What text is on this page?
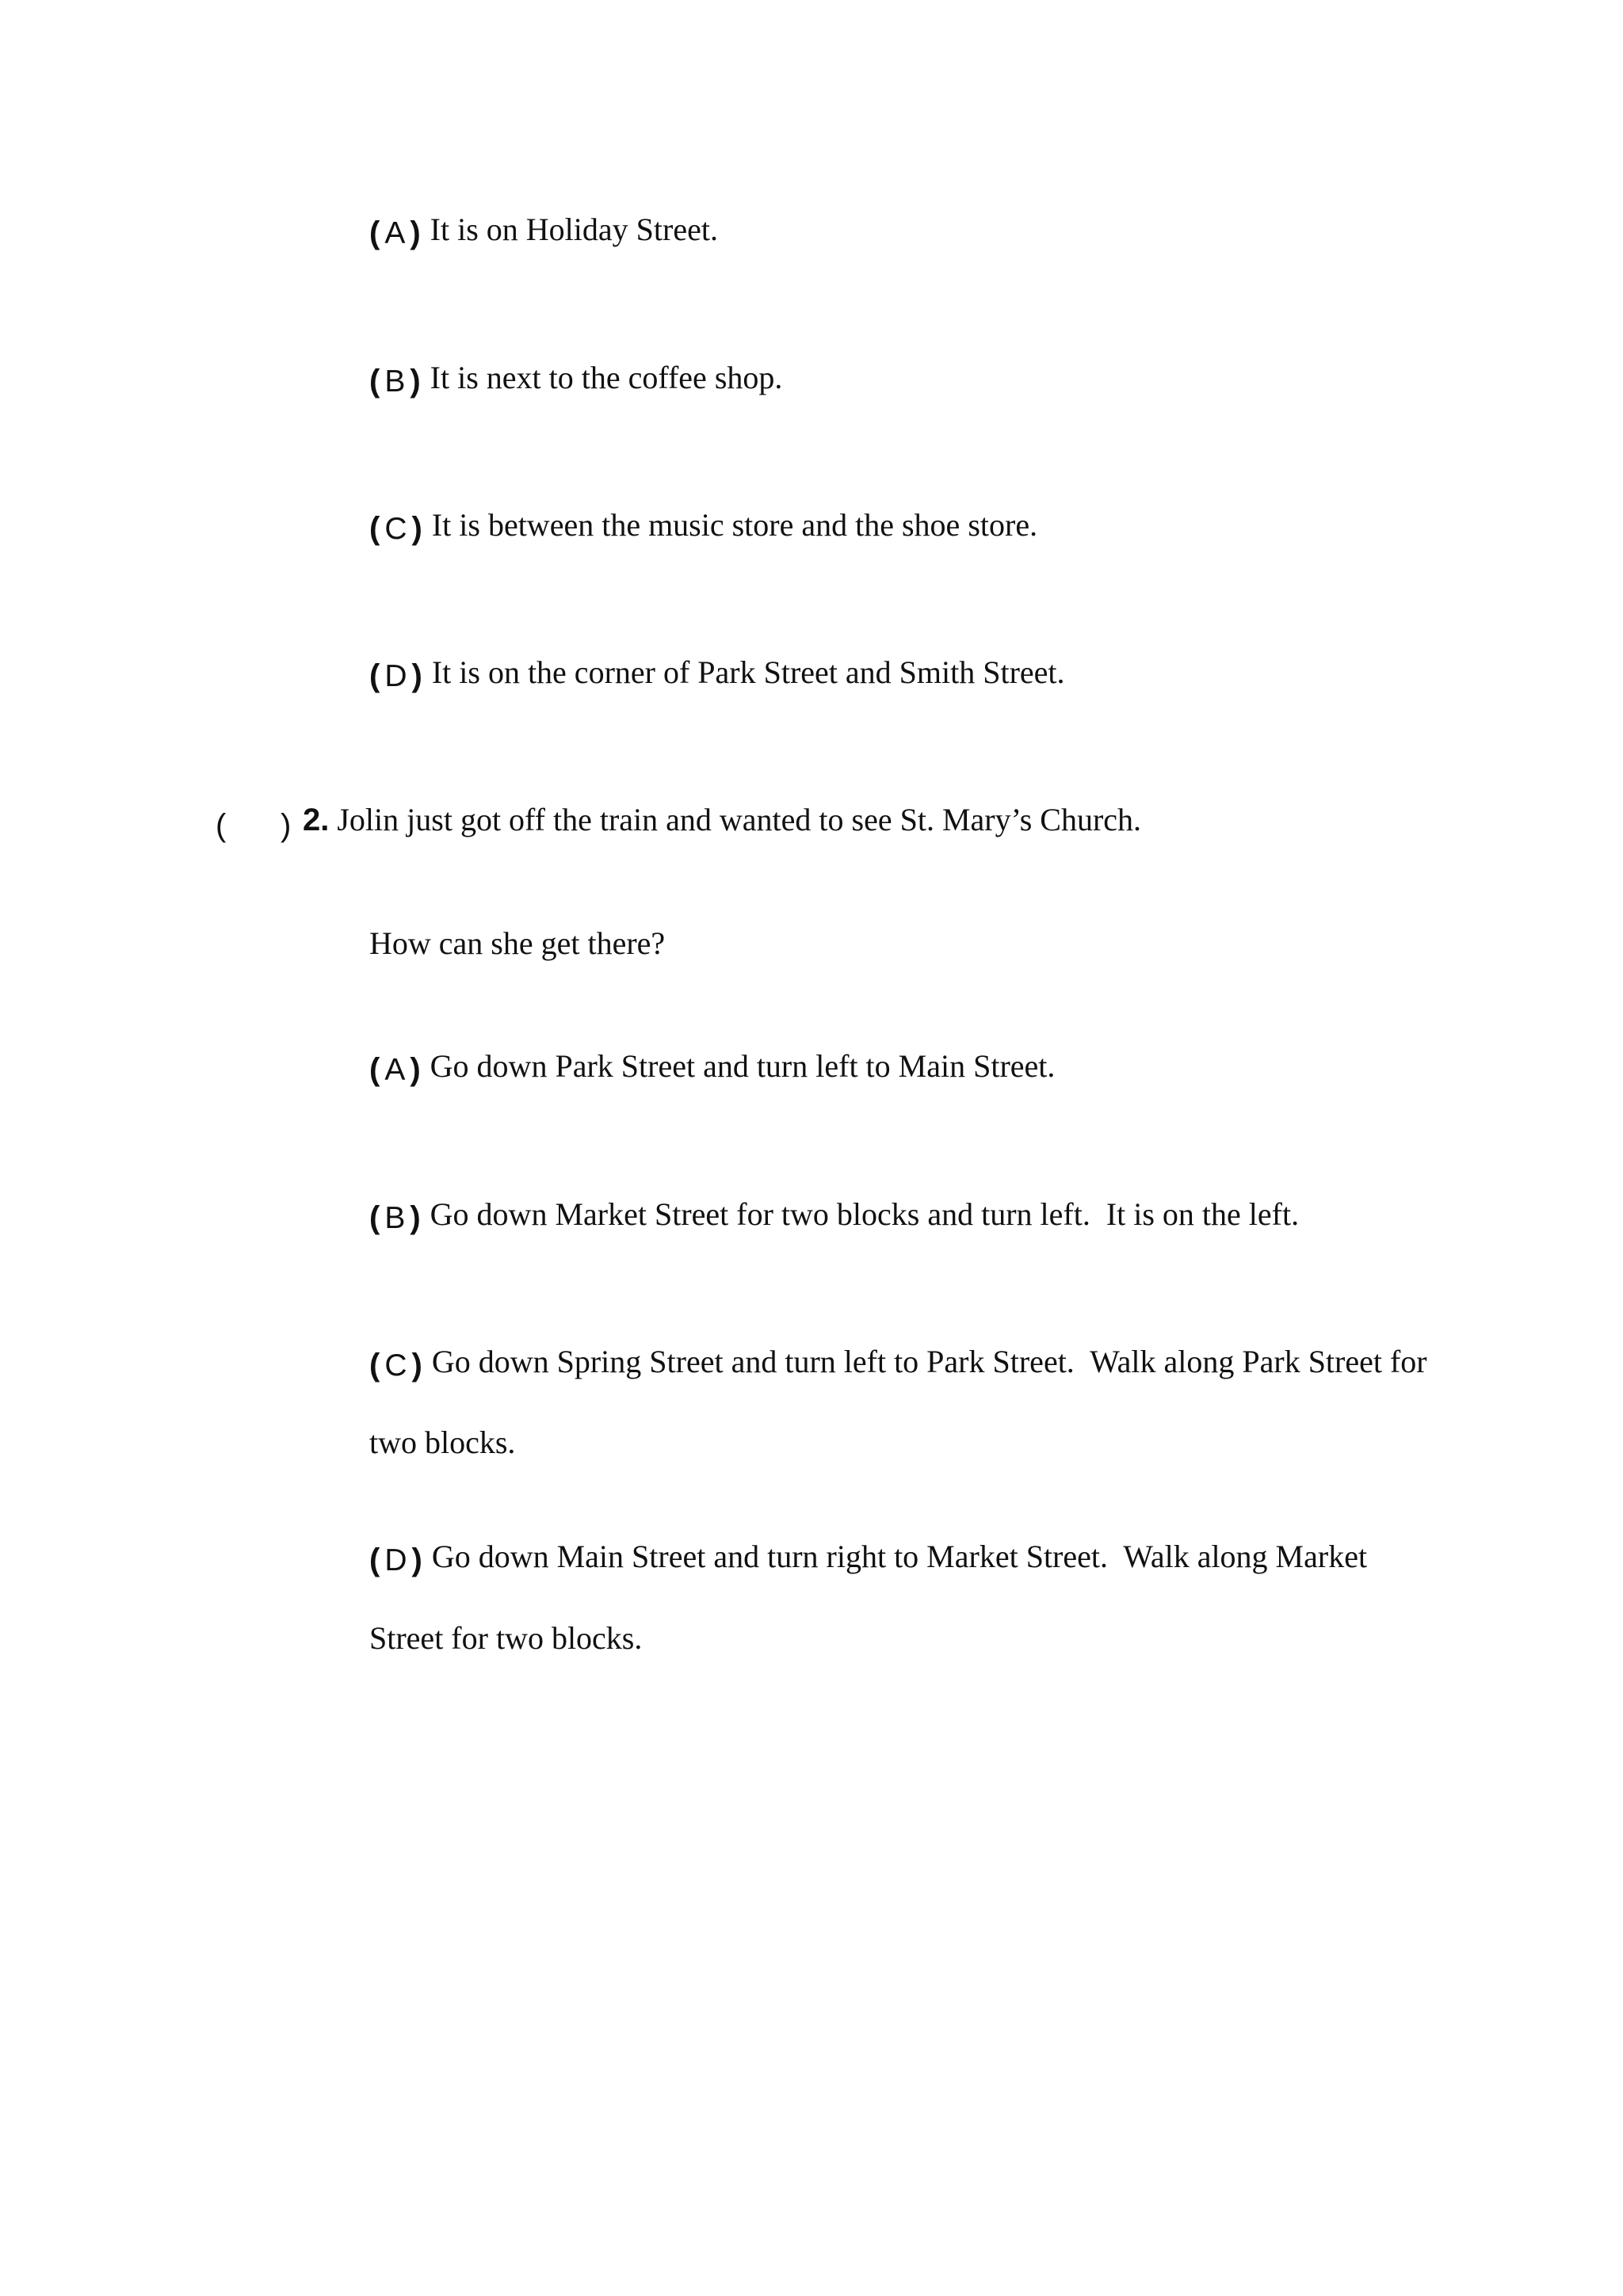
( A ) It is on Holiday Street.
( B ) It is next to the coffee shop.
( C ) It is between the music store and the shoe store.
( D ) It is on the corner of Park Street and Smith Street.
( ) 2. Jolin just got off the train and wanted to see St. Mary’s Church.
How can she get there?
( A ) Go down Park Street and turn left to Main Street.
( B ) Go down Market Street for two blocks and turn left.  It is on the left.
( C ) Go down Spring Street and turn left to Park Street.  Walk along Park Street for
two blocks.
( D ) Go down Main Street and turn right to Market Street.  Walk along Market
Street for two blocks.
